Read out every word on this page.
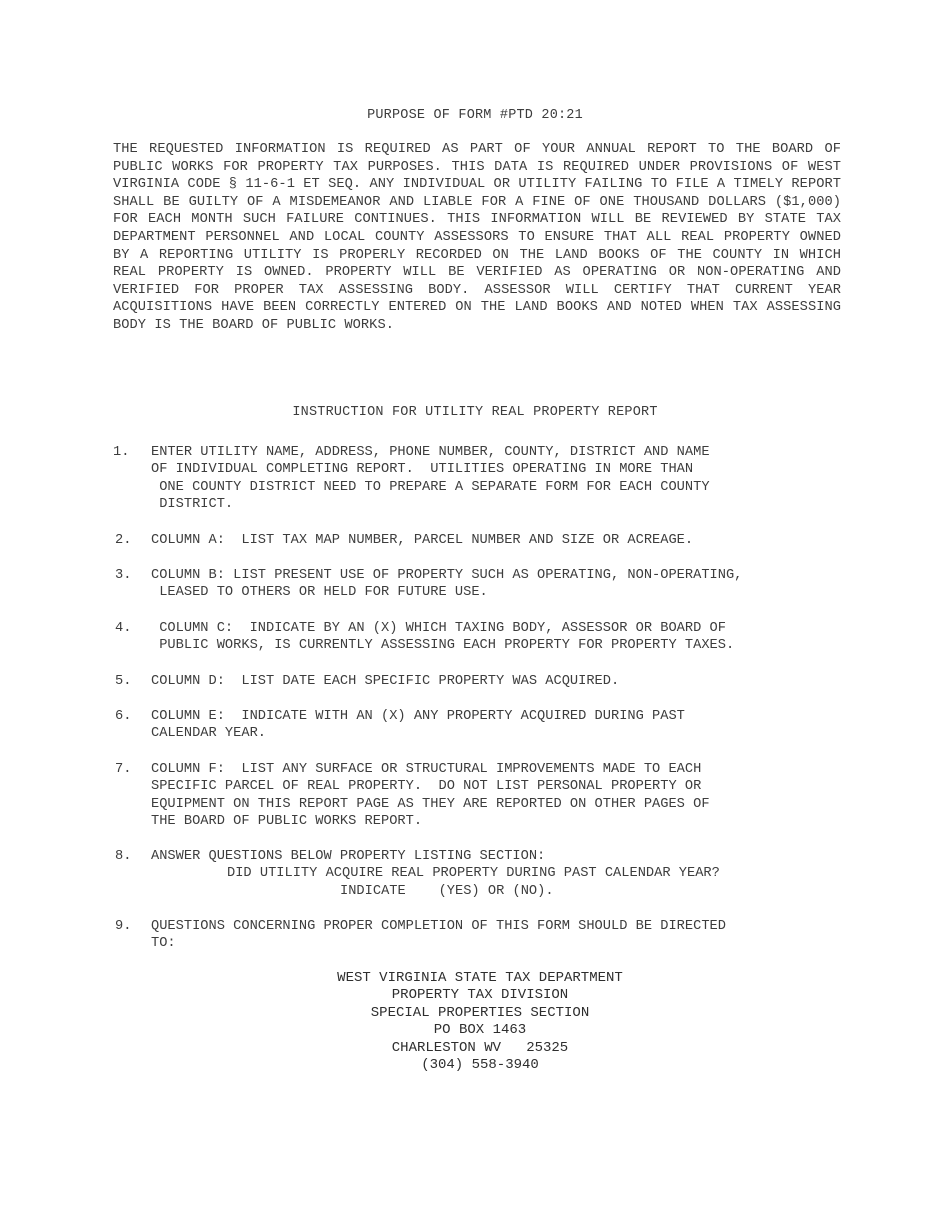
PURPOSE OF FORM #PTD 20:21
THE REQUESTED INFORMATION IS REQUIRED AS PART OF YOUR ANNUAL REPORT TO THE BOARD OF PUBLIC WORKS FOR PROPERTY TAX PURPOSES. THIS DATA IS REQUIRED UNDER PROVISIONS OF WEST VIRGINIA CODE § 11-6-1 ET SEQ. ANY INDIVIDUAL OR UTILITY FAILING TO FILE A TIMELY REPORT SHALL BE GUILTY OF A MISDEMEANOR AND LIABLE FOR A FINE OF ONE THOUSAND DOLLARS ($1,000) FOR EACH MONTH SUCH FAILURE CONTINUES. THIS INFORMATION WILL BE REVIEWED BY STATE TAX DEPARTMENT PERSONNEL AND LOCAL COUNTY ASSESSORS TO ENSURE THAT ALL REAL PROPERTY OWNED BY A REPORTING UTILITY IS PROPERLY RECORDED ON THE LAND BOOKS OF THE COUNTY IN WHICH REAL PROPERTY IS OWNED. PROPERTY WILL BE VERIFIED AS OPERATING OR NON-OPERATING AND VERIFIED FOR PROPER TAX ASSESSING BODY. ASSESSOR WILL CERTIFY THAT CURRENT YEAR ACQUISITIONS HAVE BEEN CORRECTLY ENTERED ON THE LAND BOOKS AND NOTED WHEN TAX ASSESSING BODY IS THE BOARD OF PUBLIC WORKS.
INSTRUCTION FOR UTILITY REAL PROPERTY REPORT
1.	ENTER UTILITY NAME, ADDRESS, PHONE NUMBER, COUNTY, DISTRICT AND NAME
OF INDIVIDUAL COMPLETING REPORT.  UTILITIES OPERATING IN MORE THAN
ONE COUNTY DISTRICT NEED TO PREPARE A SEPARATE FORM FOR EACH COUNTY
DISTRICT.
2.	COLUMN A:  LIST TAX MAP NUMBER, PARCEL NUMBER AND SIZE OR ACREAGE.
3.	COLUMN B: LIST PRESENT USE OF PROPERTY SUCH AS OPERATING, NON-OPERATING,
LEASED TO OTHERS OR HELD FOR FUTURE USE.
4.	COLUMN C:  INDICATE BY AN (X) WHICH TAXING BODY, ASSESSOR OR BOARD OF
PUBLIC WORKS, IS CURRENTLY ASSESSING EACH PROPERTY FOR PROPERTY TAXES.
5.	COLUMN D:  LIST DATE EACH SPECIFIC PROPERTY WAS ACQUIRED.
6.	COLUMN E:  INDICATE WITH AN (X) ANY PROPERTY ACQUIRED DURING PAST
CALENDAR YEAR.
7.	COLUMN F:  LIST ANY SURFACE OR STRUCTURAL IMPROVEMENTS MADE TO EACH
SPECIFIC PARCEL OF REAL PROPERTY.  DO NOT LIST PERSONAL PROPERTY OR
EQUIPMENT ON THIS REPORT PAGE AS THEY ARE REPORTED ON OTHER PAGES OF
THE BOARD OF PUBLIC WORKS REPORT.
8.	ANSWER QUESTIONS BELOW PROPERTY LISTING SECTION:
DID UTILITY ACQUIRE REAL PROPERTY DURING PAST CALENDAR YEAR?
INDICATE    (YES) OR (NO).
9.	QUESTIONS CONCERNING PROPER COMPLETION OF THIS FORM SHOULD BE DIRECTED
TO:
WEST VIRGINIA STATE TAX DEPARTMENT
PROPERTY TAX DIVISION
SPECIAL PROPERTIES SECTION
PO BOX 1463
CHARLESTON WV   25325
(304) 558-3940
